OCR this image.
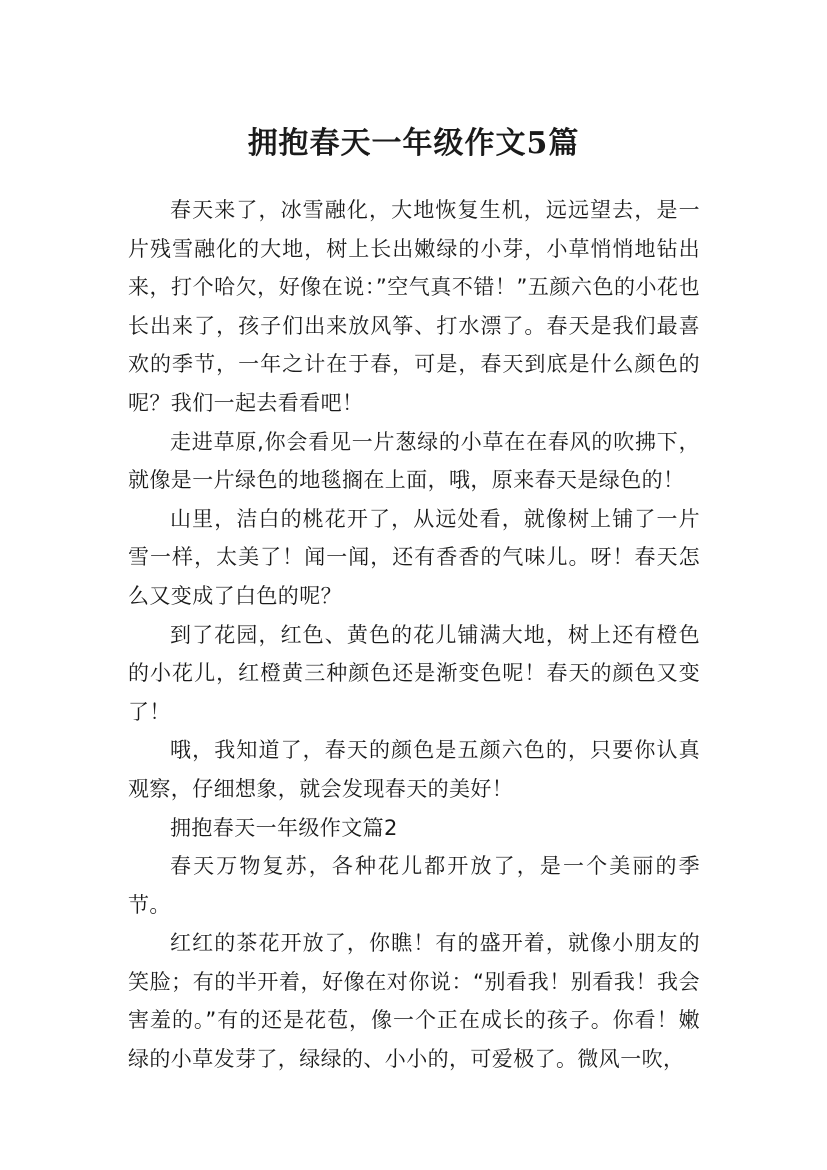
拥抱春天一年级作文5篇

春天来了，冰雪融化，大地恢复生机，远远望去，是一片残雪融化的大地，树上长出嫩绿的小芽，小草悄悄地钻出来，打个哈欠，好像在说：”空气真不错！”五颜六色的小花也长出来了，孩子们出来放风筝、打水漂了。春天是我们最喜欢的季节，一年之计在于春，可是，春天到底是什么颜色的呢？我们一起去看看吧！

走进草原,你会看见一片葱绿的小草在在春风的吹拂下，就像是一片绿色的地毯搁在上面，哦，原来春天是绿色的！

山里，洁白的桃花开了，从远处看，就像树上铺了一片雪一样，太美了！闻一闻，还有香香的气味儿。呀！春天怎么又变成了白色的呢？

到了花园，红色、黄色的花儿铺满大地，树上还有橙色的小花儿，红橙黄三种颜色还是渐变色呢！春天的颜色又变了！

哦，我知道了，春天的颜色是五颜六色的，只要你认真观察，仔细想象，就会发现春天的美好！

拥抱春天一年级作文篇2

春天万物复苏，各种花儿都开放了，是一个美丽的季节。

红红的茶花开放了，你瞧！有的盛开着，就像小朋友的笑脸；有的半开着，好像在对你说：“别看我！别看我！我会害羞的。”有的还是花苞，像一个正在成长的孩子。你看！嫩绿的小草发芽了，绿绿的、小小的，可爱极了。微风一吹，
